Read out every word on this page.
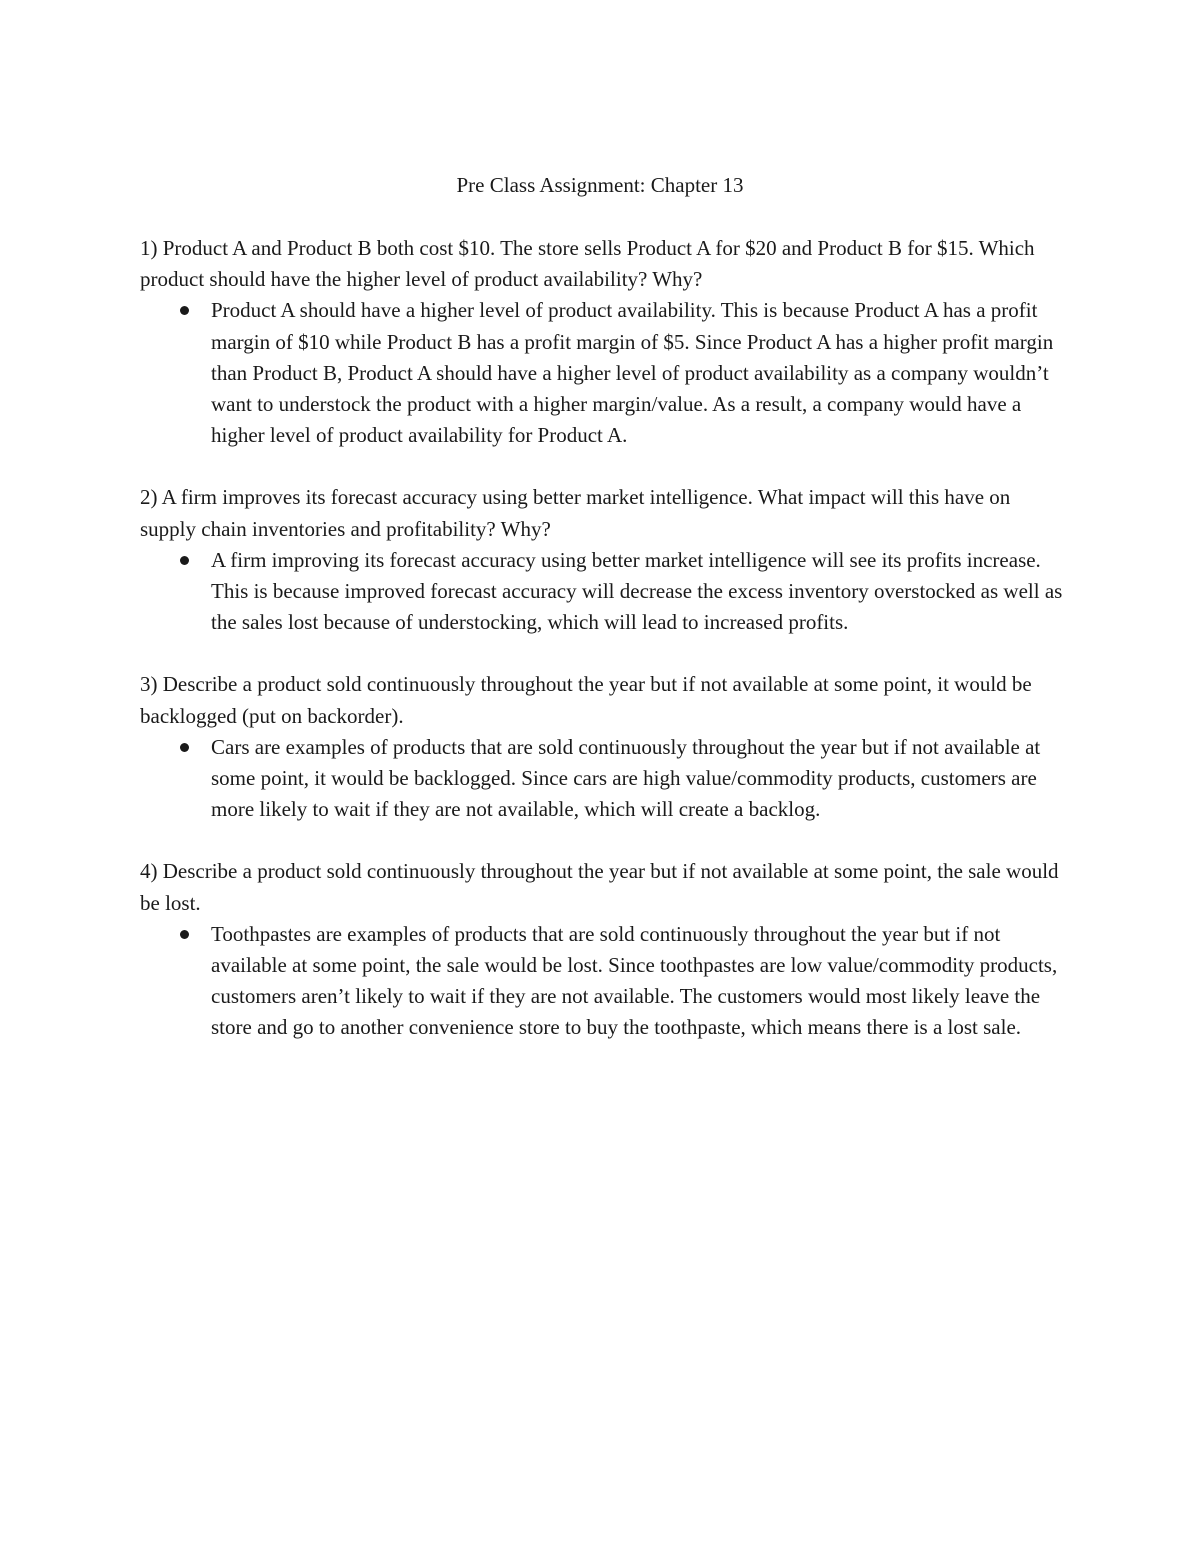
Pre Class Assignment: Chapter 13

1) Product A and Product B both cost $10. The store sells Product A for $20 and Product B for $15. Which product should have the higher level of product availability? Why?

Product A should have a higher level of product availability. This is because Product A has a profit margin of $10 while Product B has a profit margin of $5. Since Product A has a higher profit margin than Product B, Product A should have a higher level of product availability as a company wouldn’t want to understock the product with a higher margin/value. As a result, a company would have a higher level of product availability for Product A.

2) A firm improves its forecast accuracy using better market intelligence. What impact will this have on supply chain inventories and profitability? Why?

A firm improving its forecast accuracy using better market intelligence will see its profits increase. This is because improved forecast accuracy will decrease the excess inventory overstocked as well as the sales lost because of understocking, which will lead to increased profits.

3) Describe a product sold continuously throughout the year but if not available at some point, it would be backlogged (put on backorder).

Cars are examples of products that are sold continuously throughout the year but if not available at some point, it would be backlogged. Since cars are high value/commodity products, customers are more likely to wait if they are not available, which will create a backlog.

4) Describe a product sold continuously throughout the year but if not available at some point, the sale would be lost.

Toothpastes are examples of products that are sold continuously throughout the year but if not available at some point, the sale would be lost. Since toothpastes are low value/commodity products, customers aren’t likely to wait if they are not available. The customers would most likely leave the store and go to another convenience store to buy the toothpaste, which means there is a lost sale.
